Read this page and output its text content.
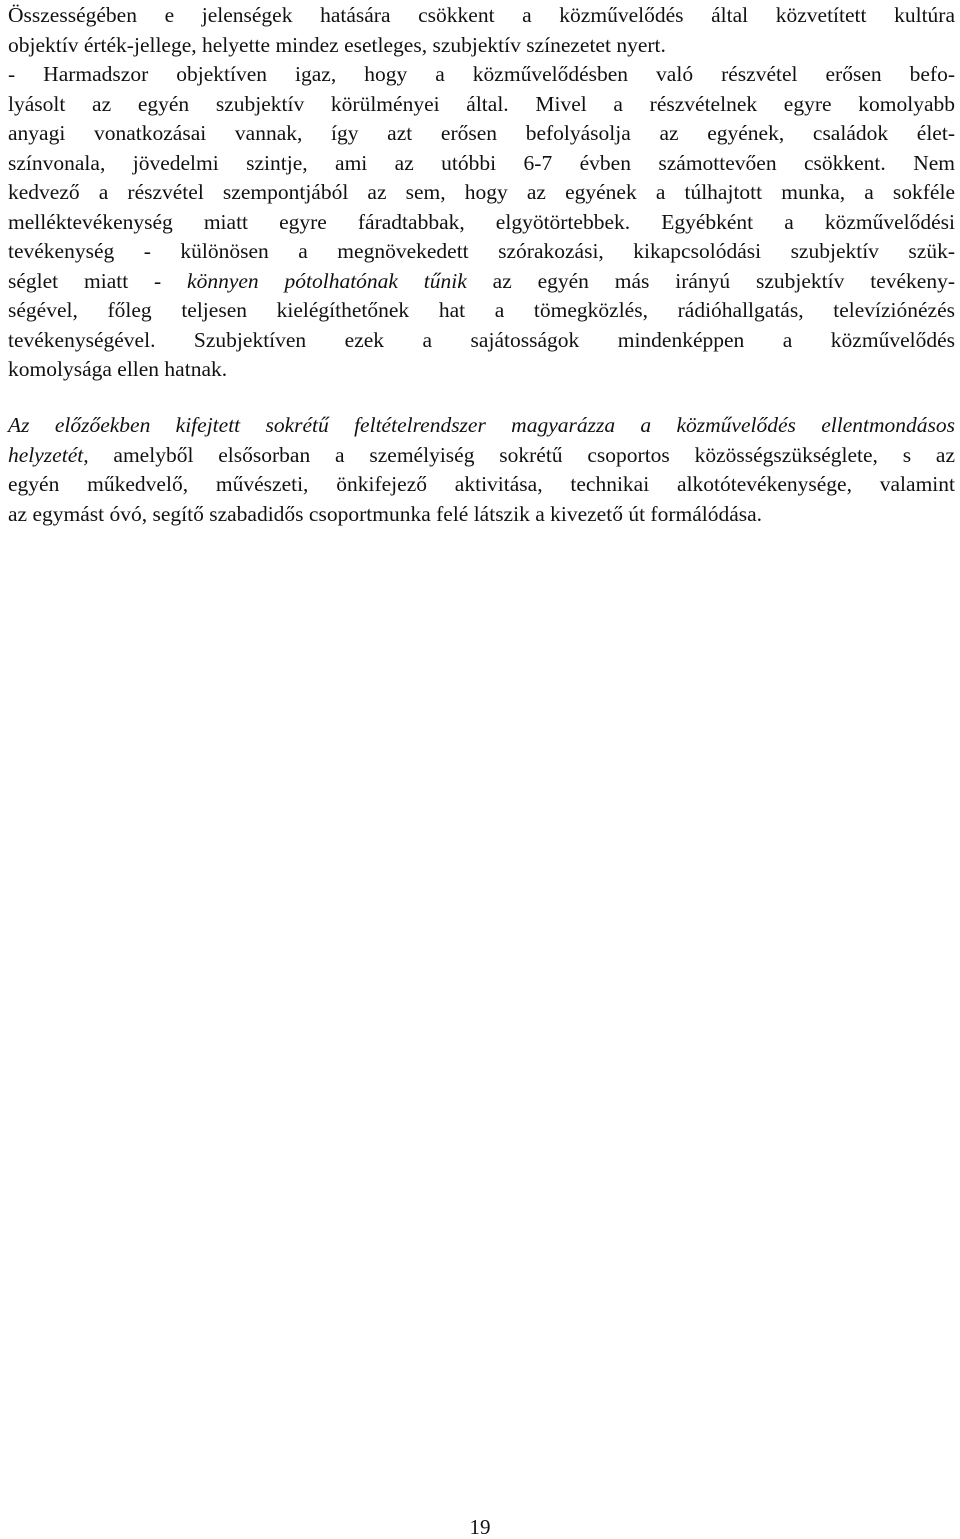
Összességében e jelenségek hatására csökkent a közművelődés által közvetített kultúra
objektív érték-jellege, helyette mindez esetleges, szubjektív színezetet nyert.
- Harmadszor objektíven igaz, hogy a közművelődésben való részvétel erősen befo-
lyásolt az egyén szubjektív körülményei által. Mivel a részvételnek egyre komolyabb
anyagi vonatkozásai vannak, így azt erősen befolyásolja az egyének, családok élet-
színvonala, jövedelmi szintje, ami az utóbbi 6-7 évben számottevően csökkent. Nem
kedvező a részvétel szempontjából az sem, hogy az egyének a túlhajtott munka, a sokféle
melléktevékenység miatt egyre fáradtabbak, elgyötörtebbek. Egyébként a közművelődési
tevékenység - különösen a megnövekedett szórakozási, kikapcsolódási szubjektív szük-
séglet miatt - könnyen pótolhatónak tűnik az egyén más irányú szubjektív tevékeny-
ségével, főleg teljesen kielégíthetőnek hat a tömegközlés, rádióhallgatás, televíziónézés
tevékenységével. Szubjektíven ezek a sajátosságok mindenképpen a közművelődés
komolysága ellen hatnak.
Az előzőekben kifejtett sokrétű feltételrendszer magyarázza a közművelődés ellentmondásos
helyzetét, amelyből elsősorban a személyiség sokrétű csoportos közösségszükséglete, s az
egyén műkedvelő, művészeti, önkifejező aktivitása, technikai alkotótevékenysége, valamint
az egymást óvó, segítő szabadidős csoportmunka felé látszik a kivezető út formálódása.
19
